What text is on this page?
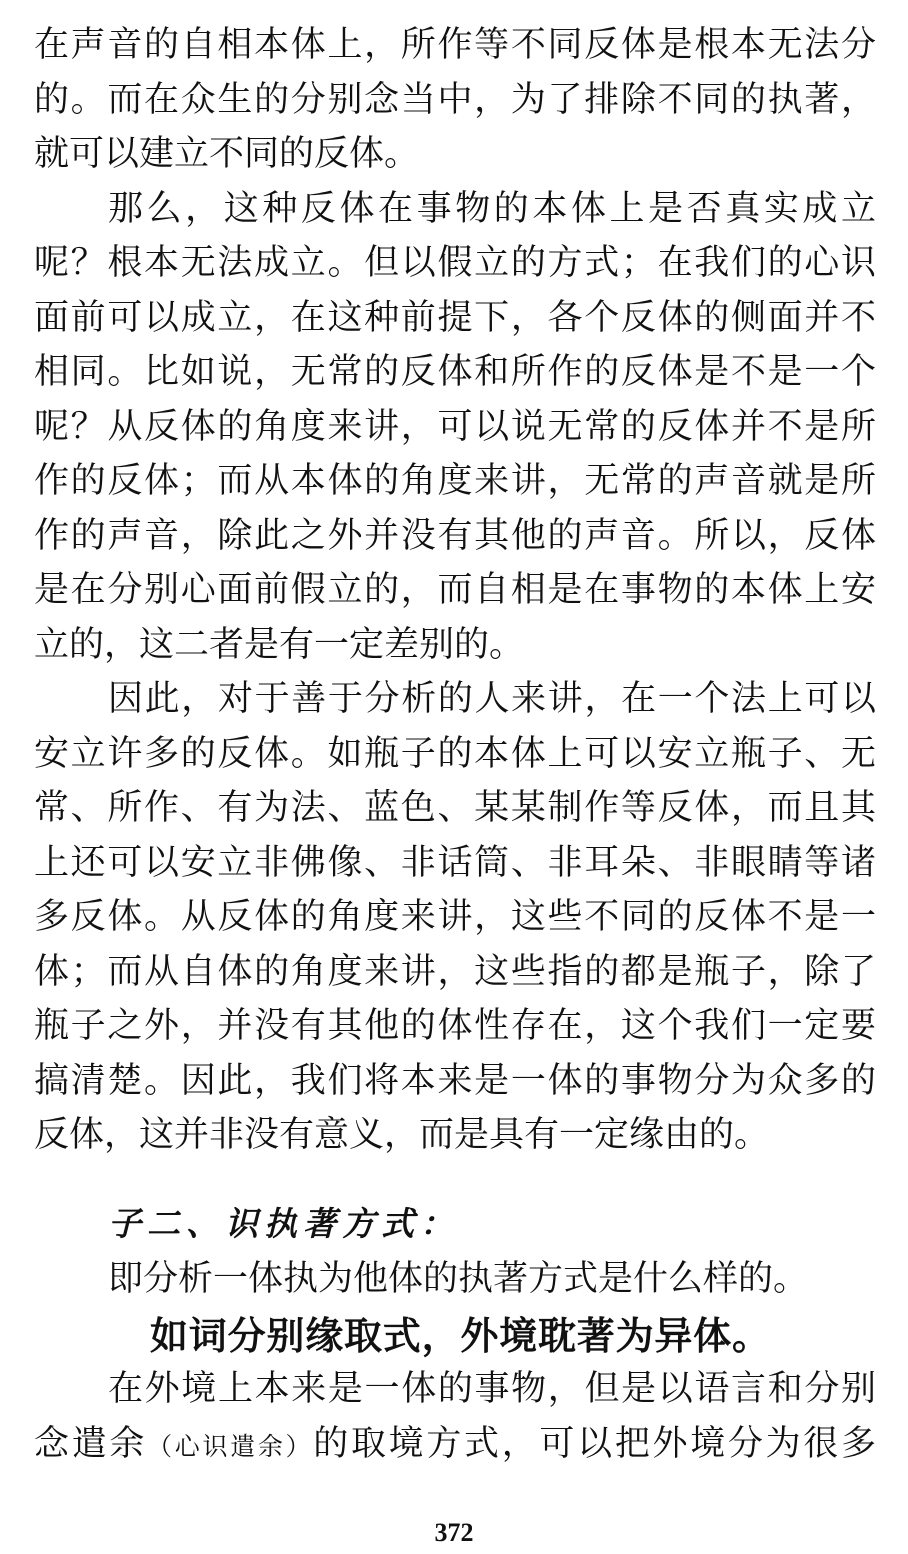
在声音的自相本体上，所作等不同反体是根本无法分
的。而在众生的分别念当中，为了排除不同的执著，
就可以建立不同的反体。
那么，这种反体在事物的本体上是否真实成立
呢？根本无法成立。但以假立的方式；在我们的心识
面前可以成立，在这种前提下，各个反体的侧面并不
相同。比如说，无常的反体和所作的反体是不是一个
呢？从反体的角度来讲，可以说无常的反体并不是所
作的反体；而从本体的角度来讲，无常的声音就是所
作的声音，除此之外并没有其他的声音。所以，反体
是在分别心面前假立的，而自相是在事物的本体上安
立的，这二者是有一定差别的。
因此，对于善于分析的人来讲，在一个法上可以
安立许多的反体。如瓶子的本体上可以安立瓶子、无
常、所作、有为法、蓝色、某某制作等反体，而且其
上还可以安立非佛像、非话筒、非耳朵、非眼睛等诸
多反体。从反体的角度来讲，这些不同的反体不是一
体；而从自体的角度来讲，这些指的都是瓶子，除了
瓶子之外，并没有其他的体性存在，这个我们一定要
搞清楚。因此，我们将本来是一体的事物分为众多的
反体，这并非没有意义，而是具有一定缘由的。
子二、识执著方式：
即分析一体执为他体的执著方式是什么样的。
如词分别缘取式，外境耽著为异体。
在外境上本来是一体的事物，但是以语言和分别
念遣余（心识遣余）的取境方式，可以把外境分为很多
372
